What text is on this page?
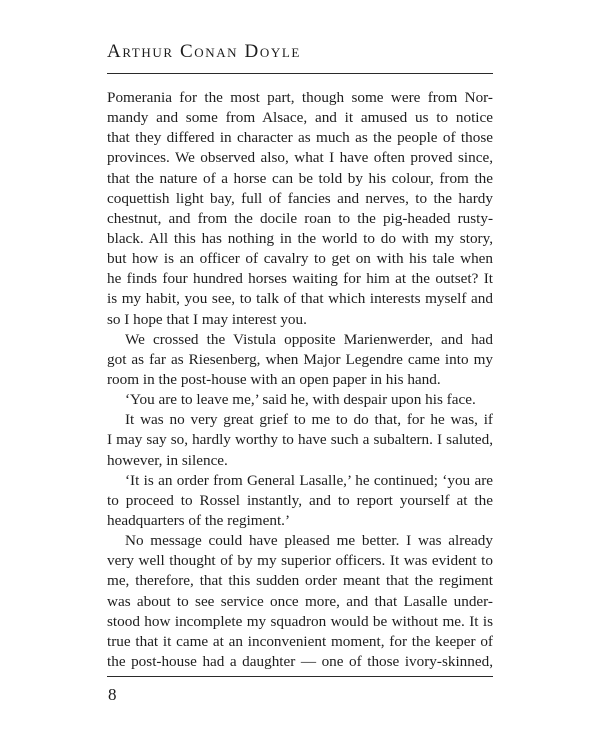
Arthur Conan Doyle
Pomerania for the most part, though some were from Nor-
mandy and some from Alsace, and it amused us to notice
that they differed in character as much as the people of those
provinces. We observed also, what I have often proved since,
that the nature of a horse can be told by his colour, from the
coquettish light bay, full of fancies and nerves, to the hardy
chestnut, and from the docile roan to the pig-headed rusty-
black. All this has nothing in the world to do with my story,
but how is an officer of cavalry to get on with his tale when
he finds four hundred horses waiting for him at the outset? It
is my habit, you see, to talk of that which interests myself and
so I hope that I may interest you.
We crossed the Vistula opposite Marienwerder, and had
got as far as Riesenberg, when Major Legendre came into my
room in the post-house with an open paper in his hand.
‘You are to leave me,’ said he, with despair upon his face.
It was no very great grief to me to do that, for he was, if
I may say so, hardly worthy to have such a subaltern. I saluted,
however, in silence.
‘It is an order from General Lasalle,’ he continued; ‘you are
to proceed to Rossel instantly, and to report yourself at the
headquarters of the regiment.’
No message could have pleased me better. I was already
very well thought of by my superior officers. It was evident to
me, therefore, that this sudden order meant that the regiment
was about to see service once more, and that Lasalle under-
stood how incomplete my squadron would be without me. It is
true that it came at an inconvenient moment, for the keeper of
the post-house had a daughter — one of those ivory-skinned,
8
